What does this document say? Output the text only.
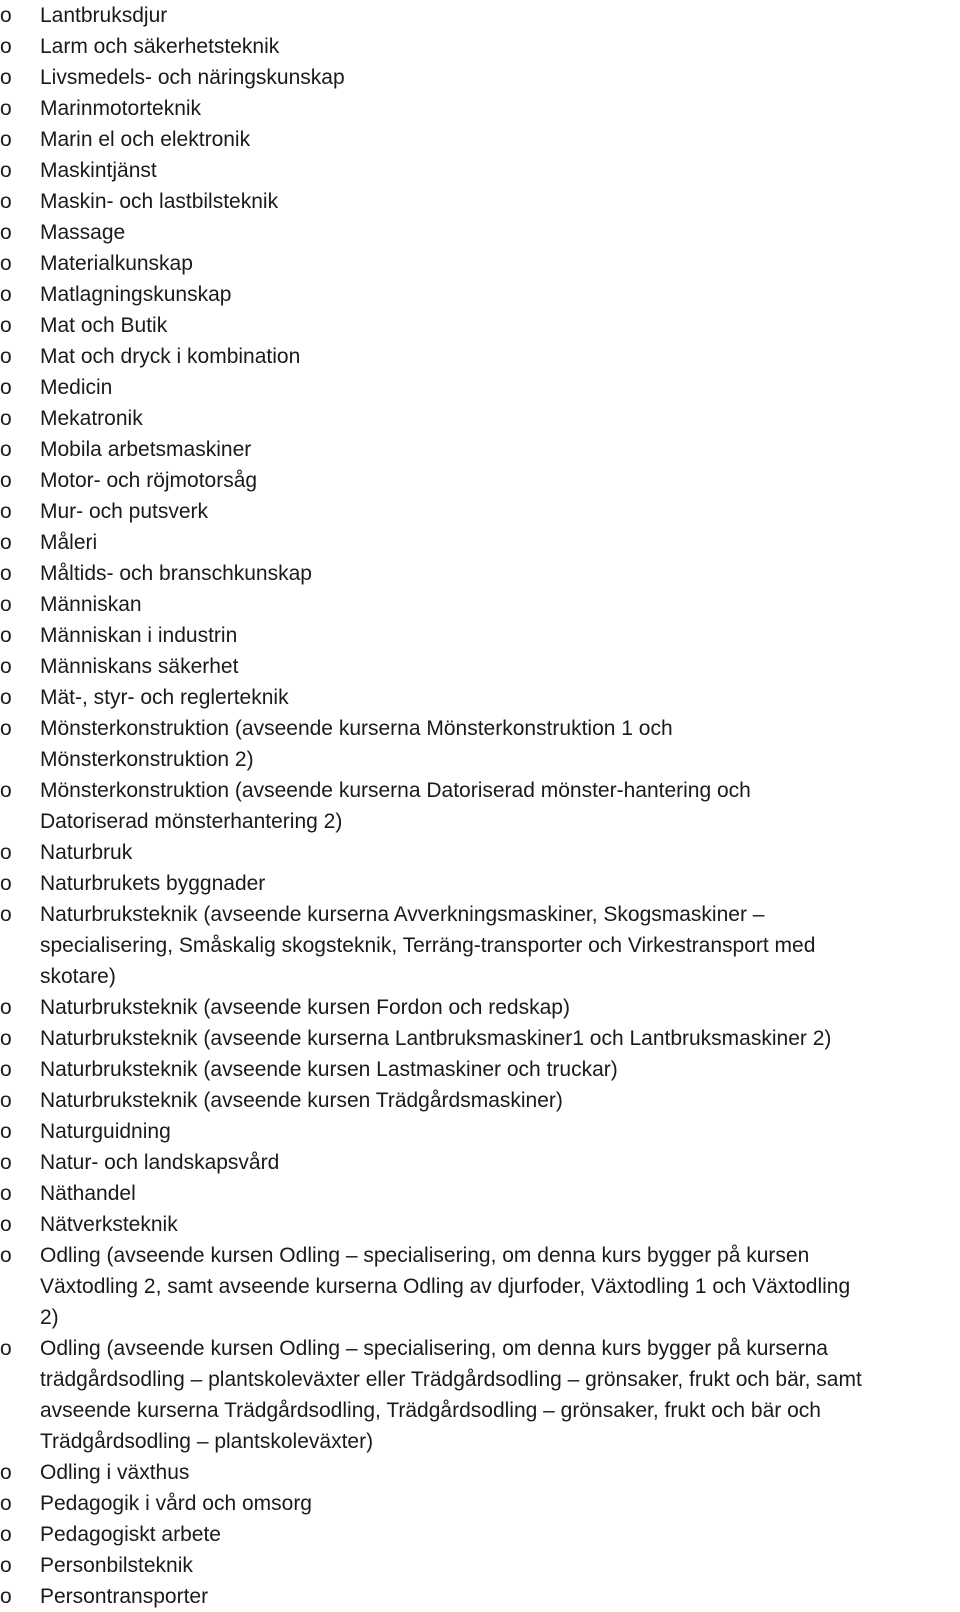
o	Lantbruksdjur
o	Larm och säkerhetsteknik
o	Livsmedels- och näringskunskap
o	Marinmotorteknik
o	Marin el och elektronik
o	Maskintjänst
o	Maskin- och lastbilsteknik
o	Massage
o	Materialkunskap
o	Matlagningskunskap
o	Mat och Butik
o	Mat och dryck i kombination
o	Medicin
o	Mekatronik
o	Mobila arbetsmaskiner
o	Motor- och röjmotorsåg
o	Mur- och putsverk
o	Måleri
o	Måltids- och branschkunskap
o	Människan
o	Människan i industrin
o	Människans säkerhet
o	Mät-, styr- och reglerteknik
o	Mönsterkonstruktion (avseende kurserna Mönsterkonstruktion 1 och
Mönsterkonstruktion 2)
o	Mönsterkonstruktion (avseende kurserna Datoriserad mönster-hantering och
Datoriserad mönsterhantering 2)
o	Naturbruk
o	Naturbrukets byggnader
o	Naturbruksteknik (avseende kurserna Avverkningsmaskiner, Skogsmaskiner –
specialisering, Småskalig skogsteknik, Terräng-transporter och Virkestransport med
skotare)
o	Naturbruksteknik (avseende kursen Fordon och redskap)
o	Naturbruksteknik (avseende kurserna Lantbruksmaskiner1 och Lantbruksmaskiner 2)
o	Naturbruksteknik (avseende kursen Lastmaskiner och truckar)
o	Naturbruksteknik (avseende kursen Trädgårdsmaskiner)
o	Naturguidning
o	Natur- och landskapsvård
o	Näthandel
o	Nätverksteknik
o	Odling (avseende kursen Odling – specialisering, om denna kurs bygger på kursen
Växtodling 2, samt avseende kurserna Odling av djurfoder, Växtodling 1 och Växtodling
2)
o	Odling (avseende kursen Odling – specialisering, om denna kurs bygger på kurserna
trädgårdsodling – plantskoleväxter eller Trädgårdsodling – grönsaker, frukt och bär, samt
avseende kurserna Trädgårdsodling, Trädgårdsodling – grönsaker, frukt och bär och
Trädgårdsodling – plantskoleväxter)
o	Odling i växthus
o	Pedagogik i vård och omsorg
o	Pedagogiskt arbete
o	Personbilsteknik
o	Persontransporter
